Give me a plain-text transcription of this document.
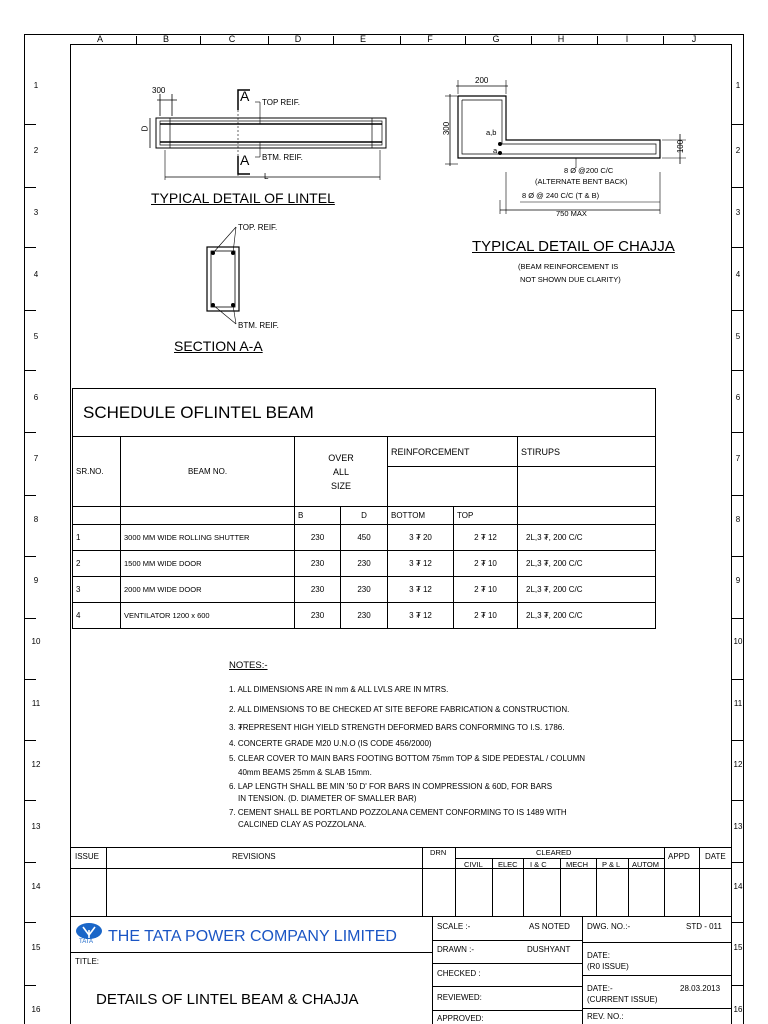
A	B	C	D	E	F	G	H	I	J
1	1
2	2
3	3
4	4
5	5
6	6
7	7
8	8
9	9
10	10
11	11
12	12
13	13
14	14
15	15
16	16
300
D
A
A
TOP REIF.
BTM. REIF.
L
TYPICAL DETAIL OF LINTEL
TOP. REIF.
BTM. REIF.
SECTION A-A
200
300
100
a,b
a
8 Ø @200 C/C
(ALTERNATE BENT BACK)
8 Ø @ 240 C/C (T & B)
750 MAX
TYPICAL DETAIL OF CHAJJA
(BEAM REINFORCEMENT IS
NOT SHOWN DUE CLARITY)
SCHEDULE OFLINTEL BEAM						
SR.NO.	BEAM NO.	OVER
ALL
SIZE		REINFORCEMENT		STIRUPS

		B	D	BOTTOM	TOP	
1	3000 MM WIDE ROLLING SHUTTER	230	450	3 ₮ 20	2 ₮ 12	2L,3 ₮, 200 C/C
2	1500 MM WIDE DOOR	230	230	3 ₮ 12	2 ₮ 10	2L,3 ₮, 200 C/C
3	2000 MM WIDE DOOR	230	230	3 ₮ 12	2 ₮ 10	2L,3 ₮, 200 C/C
4	VENTILATOR 1200 x 600	230	230	3 ₮ 12	2 ₮ 10	2L,3 ₮, 200 C/C
NOTES:-
1. ALL DIMENSIONS ARE IN mm & ALL LVLS ARE IN MTRS.
2. ALL DIMENSIONS TO BE CHECKED AT SITE BEFORE FABRICATION & CONSTRUCTION.
3. ₮REPRESENT HIGH YIELD STRENGTH DEFORMED BARS CONFORMING TO I.S. 1786.
4. CONCERTE GRADE M20 U.N.O (IS CODE 456/2000)
5. CLEAR COVER TO MAIN BARS FOOTING BOTTOM 75mm TOP & SIDE PEDESTAL / COLUMN
40mm BEAMS 25mm & SLAB 15mm.
6. LAP LENGTH SHALL BE MIN '50 D' FOR BARS IN COMPRESSION & 60D, FOR BARS
IN TENSION. (D. DIAMETER OF SMALLER BAR)
7. CEMENT SHALL BE PORTLAND POZZOLANA CEMENT CONFORMING TO IS 1489 WITH
CALCINED CLAY AS POZZOLANA.
ISSUE	REVISIONS	DRN	CLEARED
CIVIL ELEC I & C	MECH P & L AUTOM
APPD DATE
TATA THE TATA POWER COMPANY LIMITED
TITLE:
DETAILS OF LINTEL BEAM & CHAJJA
SCALE :-	AS NOTED
DRAWN :-	DUSHYANT
CHECKED :
REVIEWED:
APPROVED:
DWG. NO.:-	STD - 011
DATE:
(R0 ISSUE)
DATE:-	28.03.2013
(CURRENT ISSUE)
REV. NO.:
